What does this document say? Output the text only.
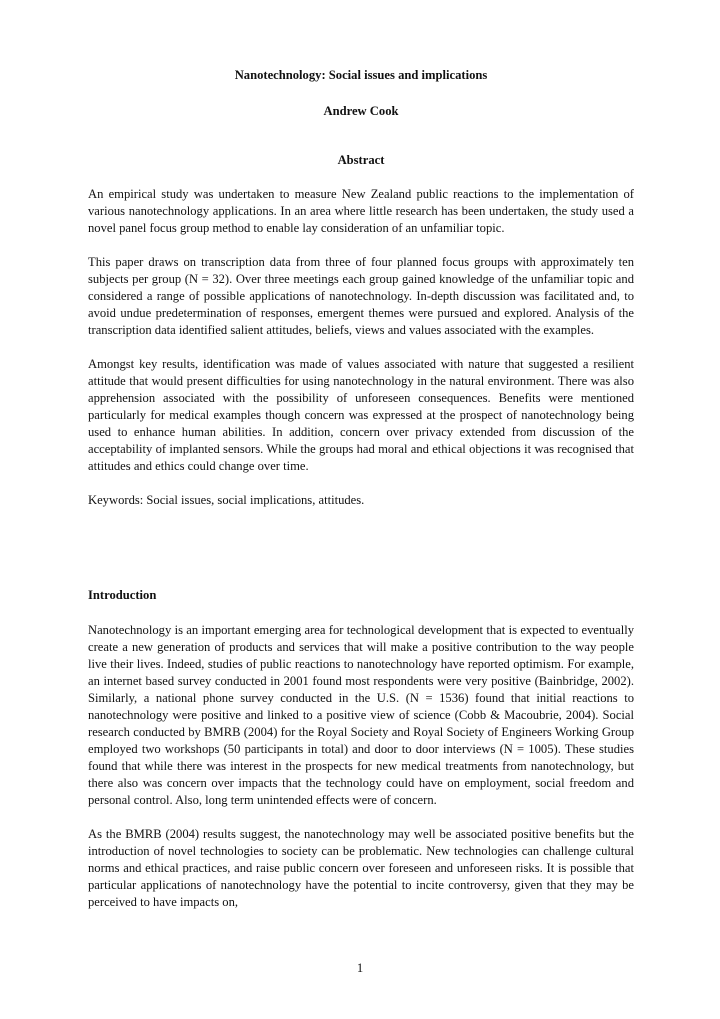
Nanotechnology: Social issues and implications
Andrew Cook
Abstract

An empirical study was undertaken to measure New Zealand public reactions to the implementation of various nanotechnology applications. In an area where little research has been undertaken, the study used a novel panel focus group method to enable lay consideration of an unfamiliar topic.

This paper draws on transcription data from three of four planned focus groups with approximately ten subjects per group (N = 32). Over three meetings each group gained knowledge of the unfamiliar topic and considered a range of possible applications of nanotechnology. In-depth discussion was facilitated and, to avoid undue predetermination of responses, emergent themes were pursued and explored. Analysis of the transcription data identified salient attitudes, beliefs, views and values associated with the examples.

Amongst key results, identification was made of values associated with nature that suggested a resilient attitude that would present difficulties for using nanotechnology in the natural environment. There was also apprehension associated with the possibility of unforeseen consequences. Benefits were mentioned particularly for medical examples though concern was expressed at the prospect of nanotechnology being used to enhance human abilities. In addition, concern over privacy extended from discussion of the acceptability of implanted sensors. While the groups had moral and ethical objections it was recognised that attitudes and ethics could change over time.

Keywords: Social issues, social implications, attitudes.

Introduction

Nanotechnology is an important emerging area for technological development that is expected to eventually create a new generation of products and services that will make a positive contribution to the way people live their lives. Indeed, studies of public reactions to nanotechnology have reported optimism. For example, an internet based survey conducted in 2001 found most respondents were very positive (Bainbridge, 2002). Similarly, a national phone survey conducted in the U.S. (N = 1536) found that initial reactions to nanotechnology were positive and linked to a positive view of science (Cobb & Macoubrie, 2004). Social research conducted by BMRB (2004) for the Royal Society and Royal Society of Engineers Working Group employed two workshops (50 participants in total) and door to door interviews (N = 1005). These studies found that while there was interest in the prospects for new medical treatments from nanotechnology, but there also was concern over impacts that the technology could have on employment, social freedom and personal control. Also, long term unintended effects were of concern.

As the BMRB (2004) results suggest, the nanotechnology may well be associated positive benefits but the introduction of novel technologies to society can be problematic. New technologies can challenge cultural norms and ethical practices, and raise public concern over foreseen and unforeseen risks. It is possible that particular applications of nanotechnology have the potential to incite controversy, given that they may be perceived to have impacts on,

1
